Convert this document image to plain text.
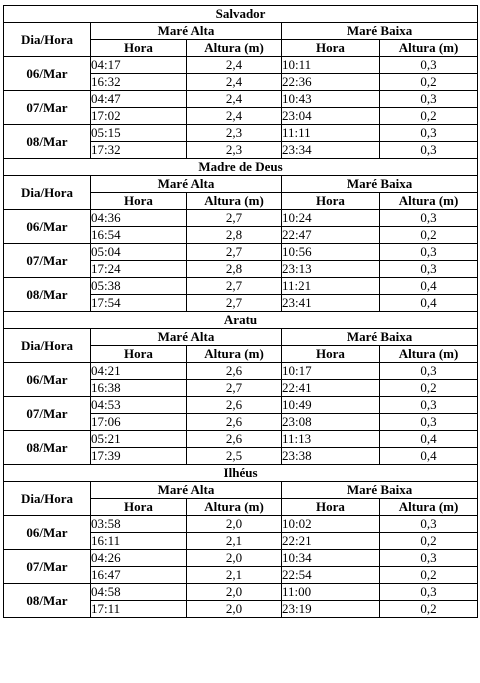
Salvador				
Dia/Hora	Maré Alta		Maré Baixa	
	Hora	Altura (m)	Hora	Altura (m)
06/Mar	04:17	2,4	10:11	0,3
	16:32	2,4	22:36	0,2
07/Mar	04:47	2,4	10:43	0,3
	17:02	2,4	23:04	0,2
08/Mar	05:15	2,3	11:11	0,3
	17:32	2,3	23:34	0,3
Madre de Deus				
Dia/Hora	Maré Alta		Maré Baixa	
	Hora	Altura (m)	Hora	Altura (m)
06/Mar	04:36	2,7	10:24	0,3
	16:54	2,8	22:47	0,2
07/Mar	05:04	2,7	10:56	0,3
	17:24	2,8	23:13	0,3
08/Mar	05:38	2,7	11:21	0,4
	17:54	2,7	23:41	0,4
Aratu				
Dia/Hora	Maré Alta		Maré Baixa	
	Hora	Altura (m)	Hora	Altura (m)
06/Mar	04:21	2,6	10:17	0,3
	16:38	2,7	22:41	0,2
07/Mar	04:53	2,6	10:49	0,3
	17:06	2,6	23:08	0,3
08/Mar	05:21	2,6	11:13	0,4
	17:39	2,5	23:38	0,4
Ilhéus				
Dia/Hora	Maré Alta		Maré Baixa	
	Hora	Altura (m)	Hora	Altura (m)
06/Mar	03:58	2,0	10:02	0,3
	16:11	2,1	22:21	0,2
07/Mar	04:26	2,0	10:34	0,3
	16:47	2,1	22:54	0,2
08/Mar	04:58	2,0	11:00	0,3
	17:11	2,0	23:19	0,2
